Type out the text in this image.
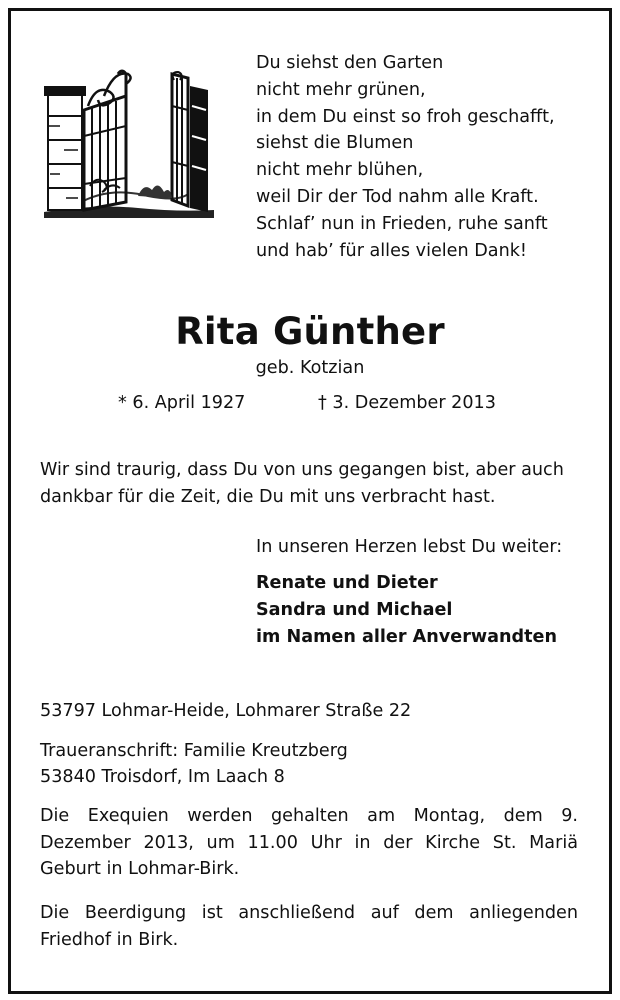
Du siehst den Garten
nicht mehr grünen,
in dem Du einst so froh geschafft,
siehst die Blumen
nicht mehr blühen,
weil Dir der Tod nahm alle Kraft.
Schlaf’ nun in Frieden, ruhe sanft
und hab’ für alles vielen Dank!
Rita Günther
geb. Kotzian
* 6. April 1927	† 3. Dezember 2013
Wir sind traurig, dass Du von uns gegangen bist, aber auch
dankbar für die Zeit, die Du mit uns verbracht hast.
In unseren Herzen lebst Du weiter:
Renate und Dieter
Sandra und Michael
im Namen aller Anverwandten
53797 Lohmar-Heide, Lohmarer Straße 22
Traueranschrift: Familie Kreutzberg
53840 Troisdorf, Im Laach 8
Die Exequien werden gehalten am Montag, dem 9. Dezember 2013, um 11.00 Uhr in der Kirche St. Mariä Geburt in Lohmar-Birk.
Die Beerdigung ist anschließend auf dem anliegenden Friedhof in Birk.
